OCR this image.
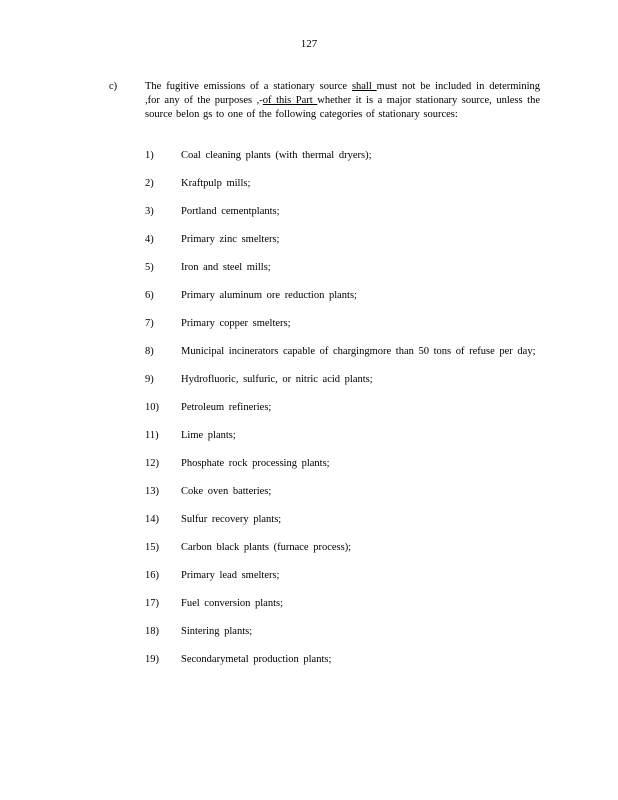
127
c)	The fugitive emissions of a stationary source shall must not be included in determining ,for any of the purposes ,-of this Part whether it is a major stationary source, unless the source belon gs to one of the following categories of stationary sources:
1)	Coal cleaning plants (with thermal dryers);
2)	Kraftpulp mills;
3)	Portland cementplants;
4)	Primary zinc smelters;
5)	Iron and steel mills;
6)	Primary aluminum ore reduction plants;
7)	Primary copper smelters;
8)	Municipal incinerators capable of chargingmore than 50 tons of refuse per day;
9)	Hydrofluoric, sulfuric, or nitric acid plants;
10)	Petroleum refineries;
11)	Lime plants;
12)	Phosphate rock processing plants;
13)	Coke oven batteries;
14)	Sulfur recovery plants;
15)	Carbon black plants (furnace process);
16)	Primary lead smelters;
17)	Fuel conversion plants;
18)	Sintering plants;
19)	Secondarymetal production plants;
